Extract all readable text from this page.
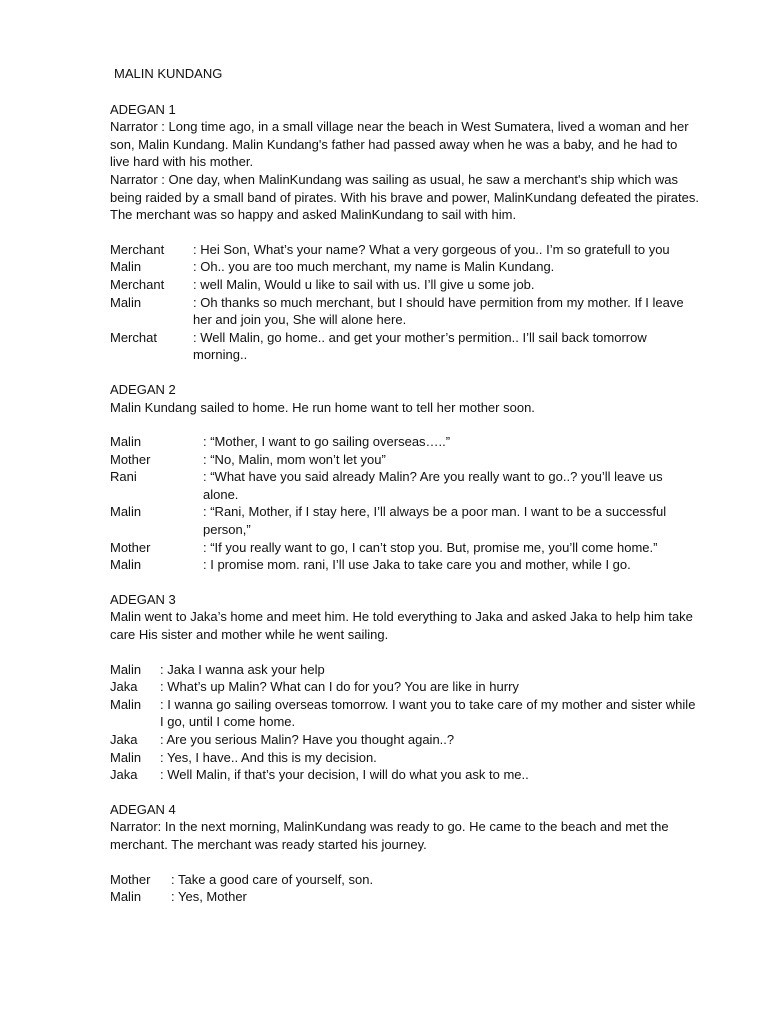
MALIN KUNDANG
ADEGAN 1
Narrator : Long time ago, in a small village near the beach in West Sumatera, lived a woman and her son, Malin Kundang. Malin Kundang's father had passed away when he was a baby, and he had to live hard with his mother.
Narrator : One day, when MalinKundang was sailing as usual, he saw a merchant's ship which was being raided by a small band of pirates. With his brave and power, MalinKundang defeated the pirates. The merchant was so happy and asked MalinKundang to sail with him.
Merchant	: Hei Son, What’s your name? What a very gorgeous of you.. I’m so gratefull to you
Malin	: Oh.. you are too much merchant, my name is Malin Kundang.
Merchant	: well Malin, Would u like to sail with us. I’ll give u some job.
Malin	: Oh thanks so much merchant, but I should have permition from my mother. If I leave her and join you, She will alone here.
Merchat	: Well Malin, go home.. and get your mother’s permition.. I’ll sail back tomorrow morning..
ADEGAN 2
Malin Kundang sailed to home. He run home want to tell her mother soon.
Malin	: “Mother, I want to go sailing overseas…..”
Mother	: “No, Malin, mom won’t let you”
Rani	: “What have you said already Malin? Are you really want to go..? you’ll leave us alone.
Malin	: “Rani, Mother, if I stay here, I’ll always be a poor man. I want to be a successful person,”
Mother	: “If you really want to go, I can’t stop you. But, promise me, you’ll come home.”
Malin	: I promise mom. rani, I’ll use Jaka to take care you and mother, while I go.
ADEGAN 3
Malin went to Jaka’s home and meet him. He told everything to Jaka and asked Jaka to help him take care His sister and mother while he went sailing.
Malin	: Jaka I wanna ask your help
Jaka	: What’s up Malin? What can I do for you? You are like in hurry
Malin	: I wanna go sailing overseas tomorrow. I want you to take care of my mother and sister while I go, until I come home.
Jaka	: Are you serious Malin? Have you thought again..?
Malin	: Yes, I have.. And this is my decision.
Jaka	: Well Malin, if that’s your decision, I will do what you ask to me..
ADEGAN 4
Narrator: In the next morning, MalinKundang was ready to go. He came to the beach and met the merchant. The merchant was ready started his journey.
Mother	: Take a good care of yourself, son.
Malin	: Yes, Mother
